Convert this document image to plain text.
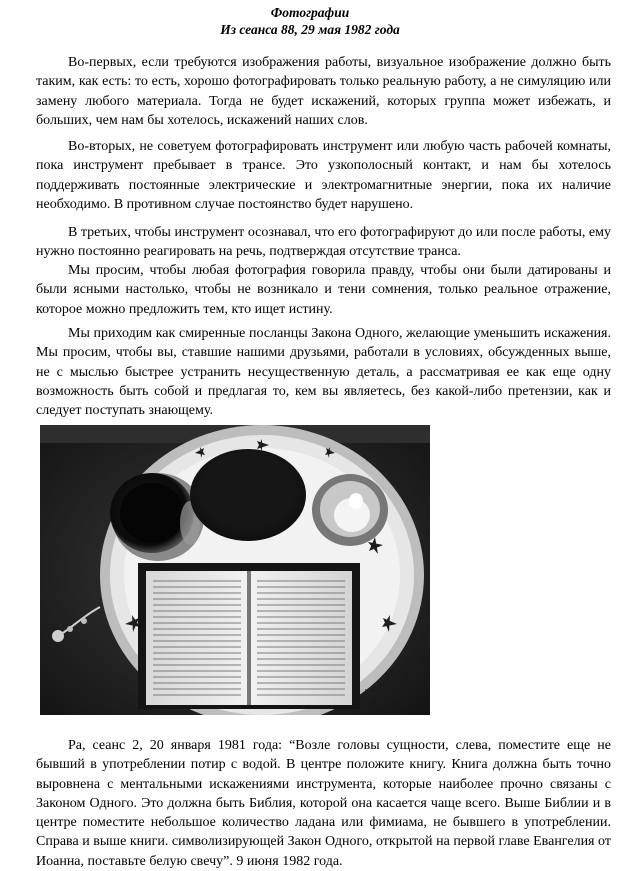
Фотографии
Из сеанса 88, 29 мая 1982 года

Во-первых, если требуются изображения работы, визуальное изображение должно быть таким, как есть: то есть, хорошо фотографировать только реальную работу, а не симуляцию или замену любого материала. Тогда не будет искажений, которых группа может избежать, и больших, чем нам бы хотелось, искажений наших слов.

Во-вторых, не советуем фотографировать инструмент или любую часть рабочей комнаты, пока инструмент пребывает в трансе. Это узкополосный контакт, и нам бы хотелось поддерживать постоянные электрические и электромагнитные энергии, пока их наличие необходимо. В противном случае постоянство будет нарушено.

В третьих, чтобы инструмент осознавал, что его фотографируют до или после работы, ему нужно постоянно реагировать на речь, подтверждая отсутствие транса.

Мы просим, чтобы любая фотография говорила правду, чтобы они были датированы и были ясными настолько, чтобы не возникало и тени сомнения, только реальное отражение, которое можно предложить тем, кто ищет истину.

Мы приходим как смиренные посланцы Закона Одного, желающие уменьшить искажения. Мы просим, чтобы вы, ставшие нашими друзьями, работали в условиях, обсужденных выше, не с мыслью быстрее устранить несущественную деталь, а рассматривая ее как еще одну возможность быть собой и предлагая то, кем вы являетесь, без какой-либо претензии, как и следует поступать знающему.

Ра, сеанс 2, 20 января 1981 года: “Возле головы сущности, слева, поместите еще не бывший в употреблении потир с водой. В центре положите книгу. Книга должна быть точно выровнена с ментальными искажениями инструмента, которые наиболее прочно связаны с Законом Одного. Это должна быть Библия, которой она касается чаще всего. Выше Библии и в центре поместите небольшое количество ладана или фимиама, не бывшего в употреблении. Справа и выше книги. символизирующей Закон Одного, открытой на первой главе Евангелия от Иоанна, поставьте белую свечу”. 9 июня 1982 года.
